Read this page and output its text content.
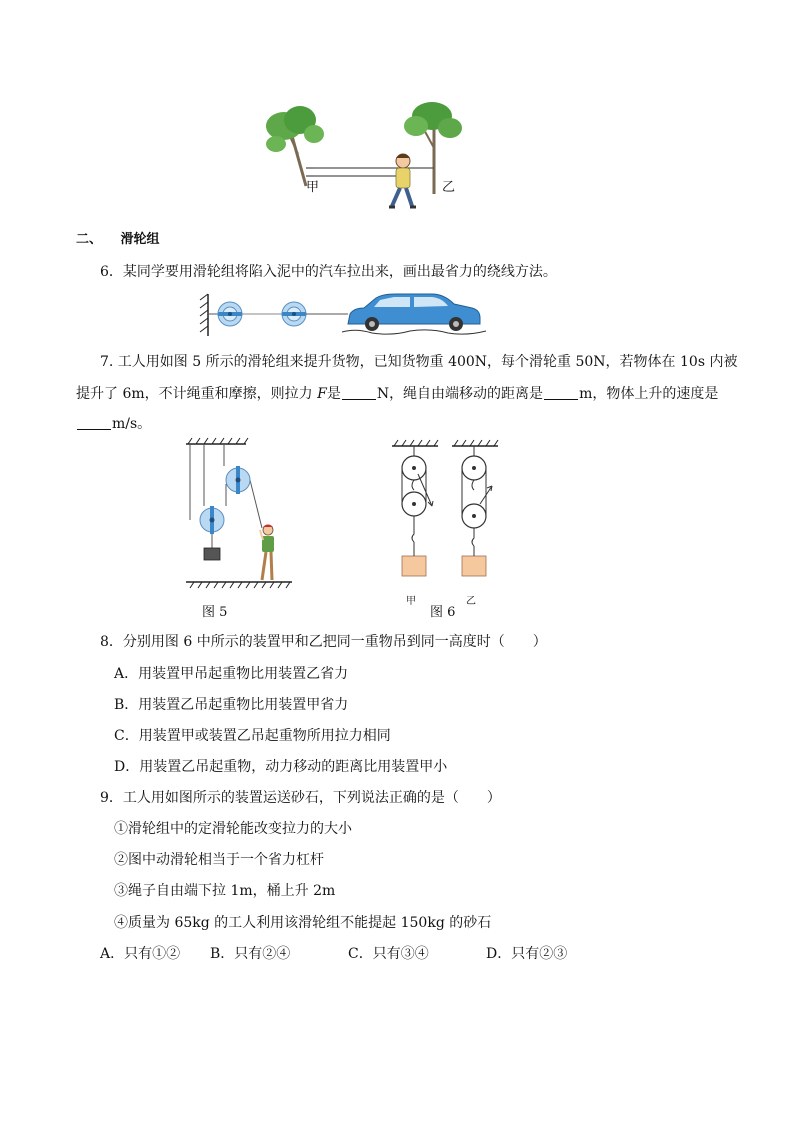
甲	乙
二、 滑轮组
6．某同学要用滑轮组将陷入泥中的汽车拉出来，画出最省力的绕线方法。
7. 工人用如图 5 所示的滑轮组来提升货物，已知货物重 400N，每个滑轮重 50N，若物体在 10s 内被
提升了 6m，不计绳重和摩擦，则拉力 F是	N，绳自由端移动的距离是	m，物体上升的速度是
m/s。
图 5
甲
图 6
乙
8．分别用图 6 中所示的装置甲和乙把同一重物吊到同一高度时（　　）
A．用装置甲吊起重物比用装置乙省力
B．用装置乙吊起重物比用装置甲省力
C．用装置甲或装置乙吊起重物所用拉力相同
D．用装置乙吊起重物，动力移动的距离比用装置甲小
9．工人用如图所示的装置运送砂石，下列说法正确的是（　　）
①滑轮组中的定滑轮能改变拉力的大小
②图中动滑轮相当于一个省力杠杆
③绳子自由端下拉 1m，桶上升 2m
④质量为 65kg 的工人利用该滑轮组不能提起 150kg 的砂石
A．只有①② B．只有②④	C．只有③④	D．只有②③
